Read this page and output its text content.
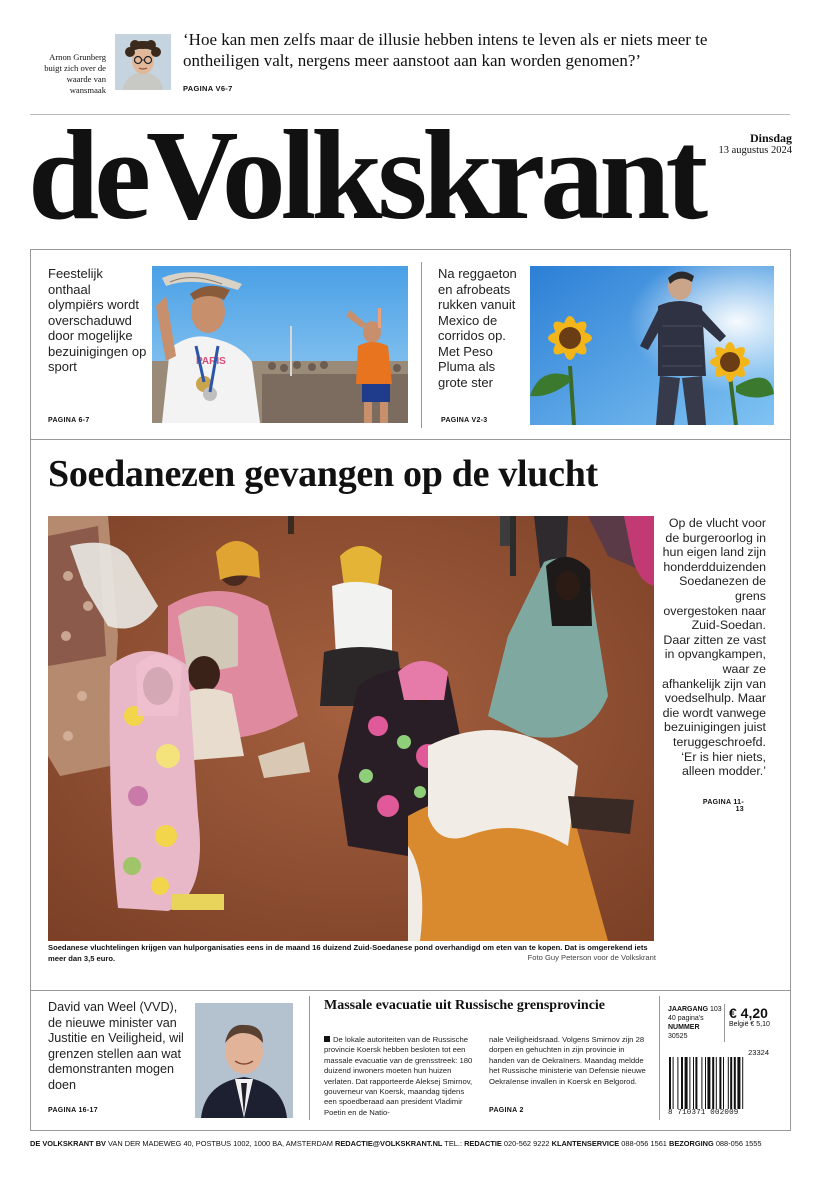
Arnon Grunberg buigt zich over de waarde van wansmaak
‘Hoe kan men zelfs maar de illusie hebben intens te leven als er niets meer te ontheiligen valt, nergens meer aanstoot aan kan worden genomen?’
PAGINA V6-7
deVolkskrant	Dinsdag
13 augustus 2024
Feestelijk onthaal olympiërs wordt overschaduwd door mogelijke bezuinigingen op sport
PAGINA 6-7
PARIS
Na reggaeton en afrobeats rukken vanuit Mexico de corridos op. Met Peso Pluma als grote ster
PAGINA V2-3
Soedanezen gevangen op de vlucht
Op de vlucht voor de burgeroorlog in hun eigen land zijn honderdduizenden Soedanezen de grens overgestoken naar Zuid-Soedan. Daar zitten ze vast in opvangkampen, waar ze afhankelijk zijn van voedselhulp. Maar die wordt vanwege bezuinigingen juist teruggeschroefd. ‘Er is hier niets, alleen modder.’
PAGINA 11-13
Soedanese vluchtelingen krijgen van hulporganisaties eens in de maand 16 duizend Zuid-Soedanese pond overhandigd om eten van te kopen. Dat is omgerekend iets meer dan 3,5 euro.	Foto Guy Peterson voor de Volkskrant
David van Weel (VVD), de nieuwe minister van Justitie en Veiligheid, wil grenzen stellen aan wat demonstranten mogen doen
PAGINA 16-17
Massale evacuatie uit Russische grensprovincie
De lokale autoriteiten van de Russische provincie Koersk hebben besloten tot een massale evacuatie van de grensstreek: 180 duizend inwoners moeten hun huizen verlaten. Dat rapporteerde Aleksej Smirnov, gouverneur van Koersk, maandag tijdens een spoedberaad aan president Vladimir Poetin en de Natio-
nale Veiligheidsraad. Volgens Smirnov zijn 28 dorpen en gehuchten in zijn provincie in handen van de Oekraïners. Maandag meldde het Russische ministerie van Defensie nieuwe Oekraïense invallen in Koersk en Belgorod.
PAGINA 2
JAARGANG 103
40 pagina's
NUMMER
30525
€ 4,20
België € 5,10
23324
8 710371 002009
DE VOLKSKRANT BV VAN DER MADEWEG 40, POSTBUS 1002, 1000 BA, AMSTERDAM REDACTIE@VOLKSKRANT.NL TEL.: REDACTIE 020-562 9222 KLANTENSERVICE 088-056 1561 BEZORGING 088-056 1555
